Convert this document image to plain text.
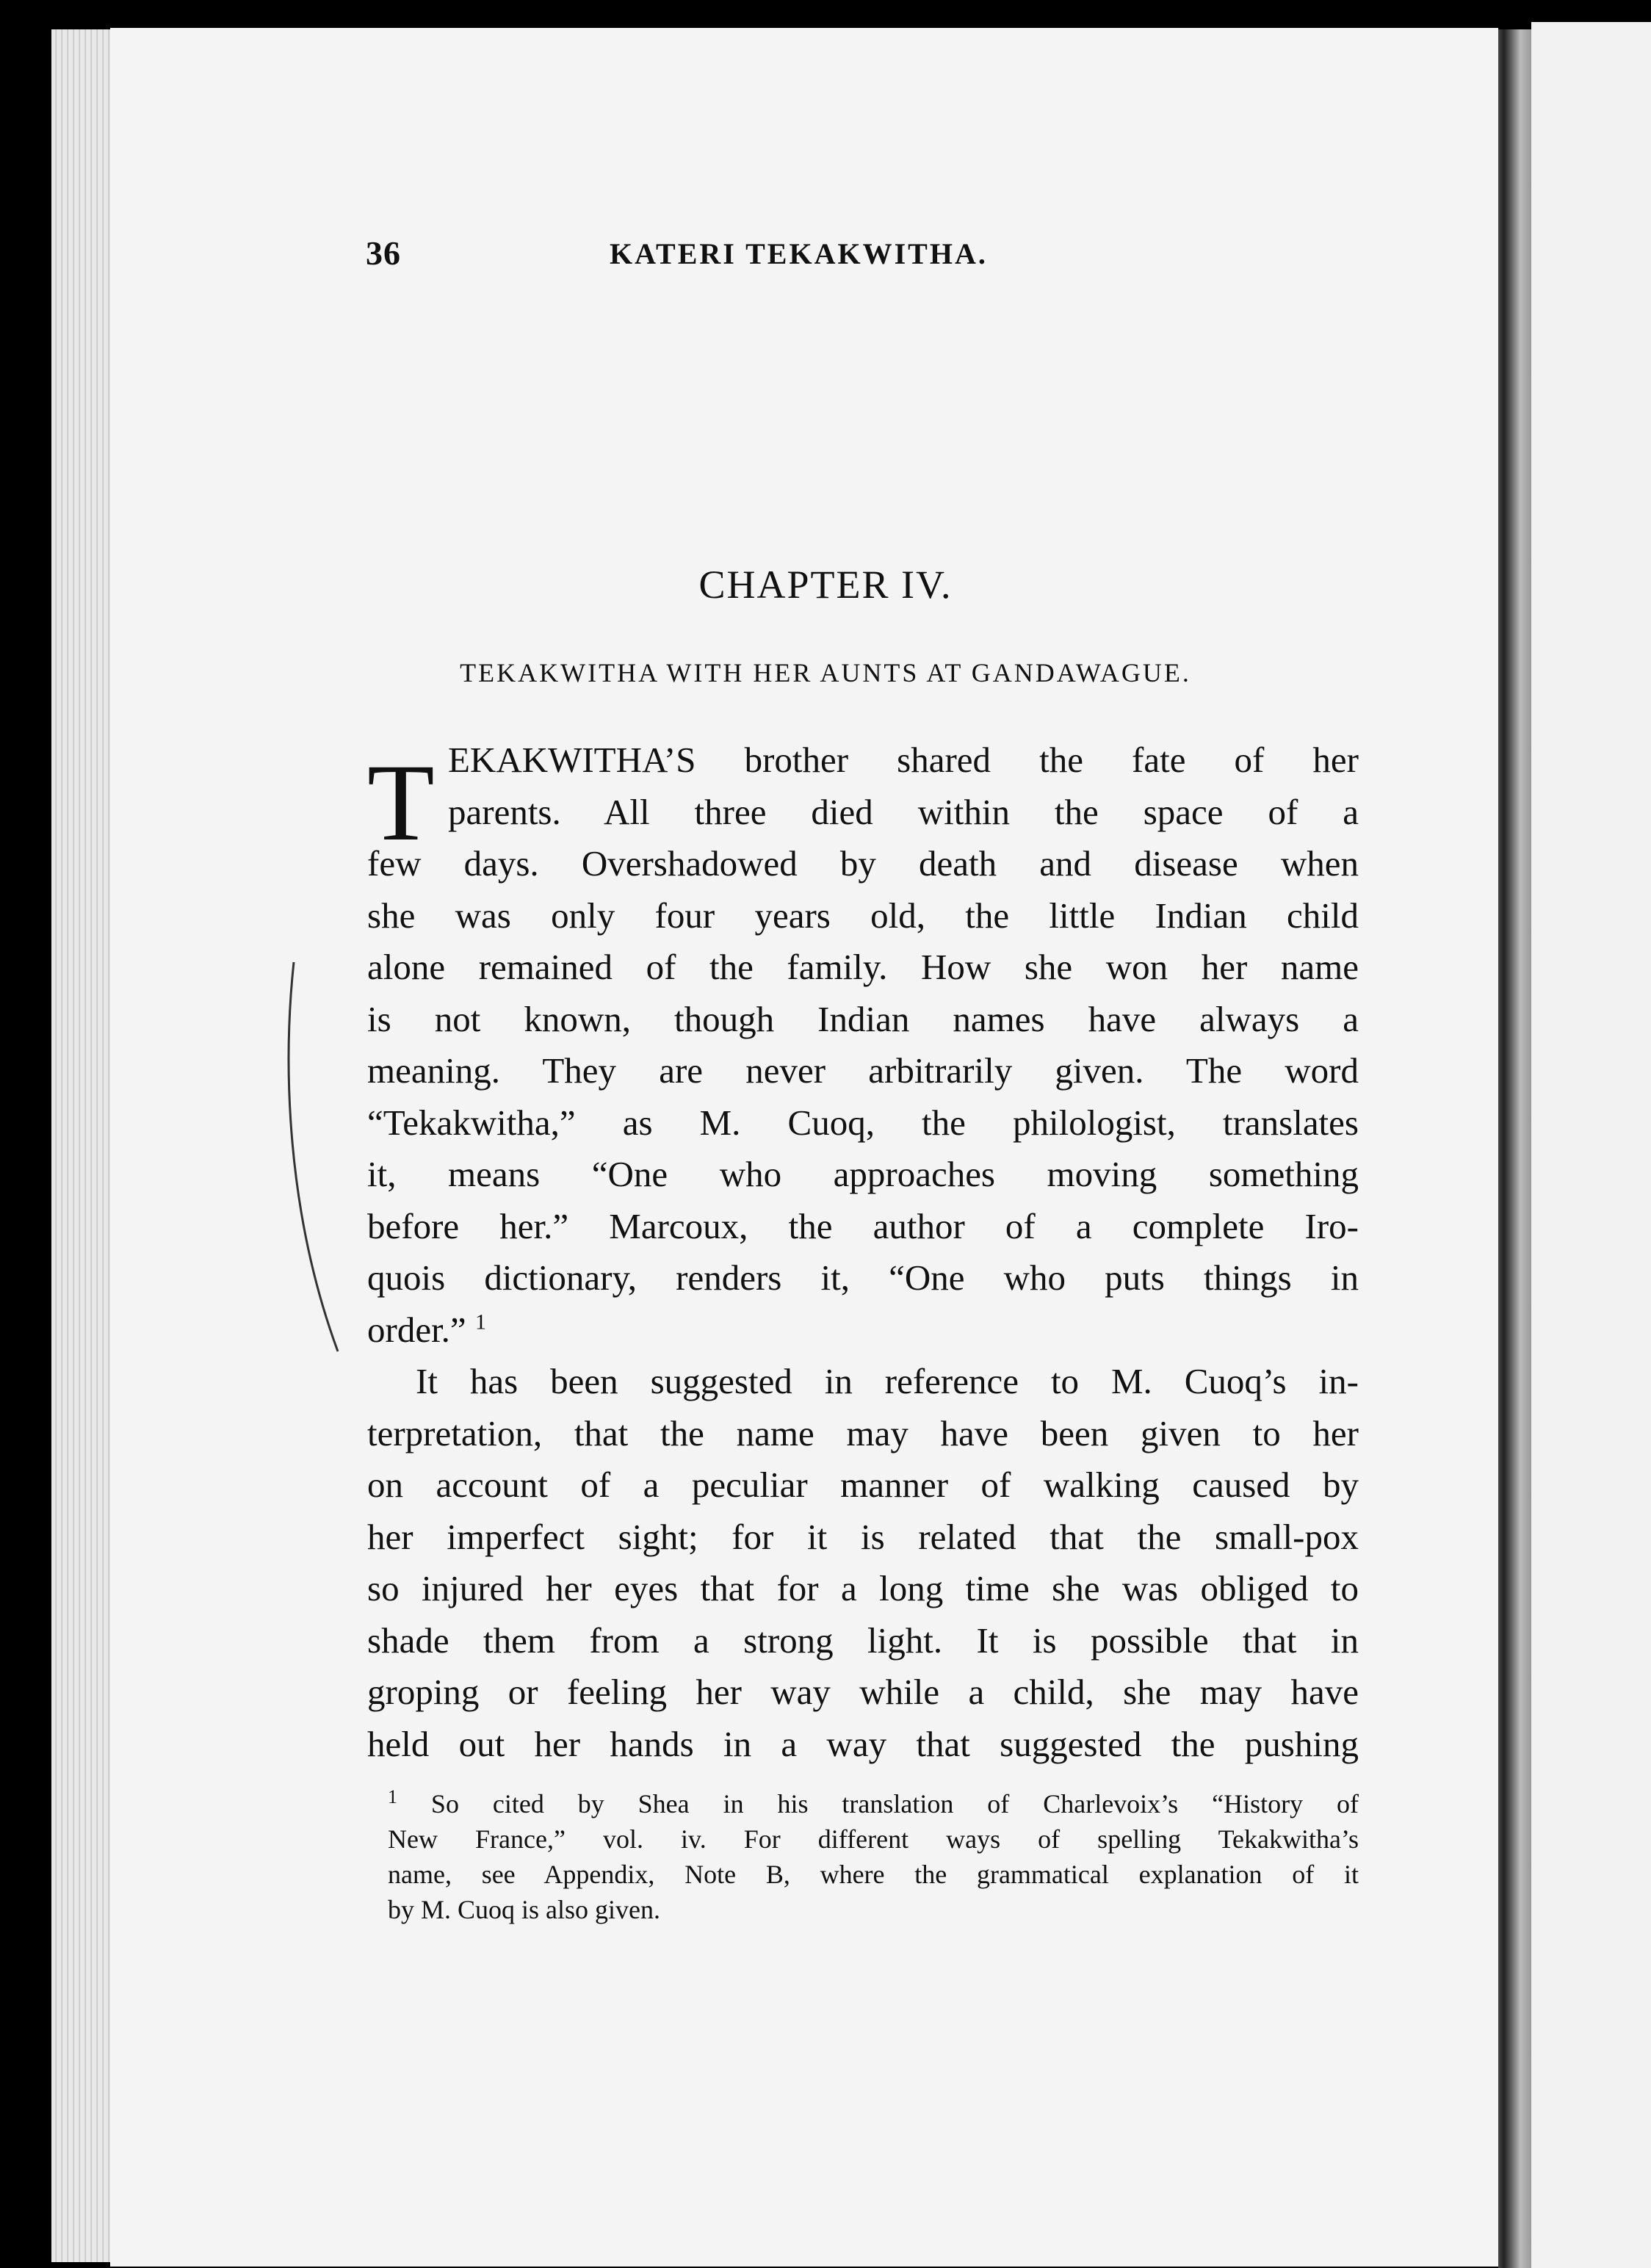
36	KATERI TEKAKWITHA.
CHAPTER IV.
TEKAKWITHA WITH HER AUNTS AT GANDAWAGUE.
T EKAKWITHA’S brother shared the fate of her
parents. All three died within the space of a
few days. Overshadowed by death and disease when
she was only four years old, the little Indian child
alone remained of the family. How she won her name
is not known, though Indian names have always a
meaning. They are never arbitrarily given. The word
“Tekakwitha,” as M. Cuoq, the philologist, translates
it, means “One who approaches moving something
before her.” Marcoux, the author of a complete Iro-
quois dictionary, renders it, “One who puts things in
order.” $^1$
It has been suggested in reference to M. Cuoq’s in-
terpretation, that the name may have been given to her
on account of a peculiar manner of walking caused by
her imperfect sight; for it is related that the small-pox
so injured her eyes that for a long time she was obliged to
shade them from a strong light. It is possible that in
groping or feeling her way while a child, she may have
held out her hands in a way that suggested the pushing
$^1$ So cited by Shea in his translation of Charlevoix’s “History of
New France,” vol. iv. For different ways of spelling Tekakwitha’s
name, see Appendix, Note B, where the grammatical explanation of it
by M. Cuoq is also given.
